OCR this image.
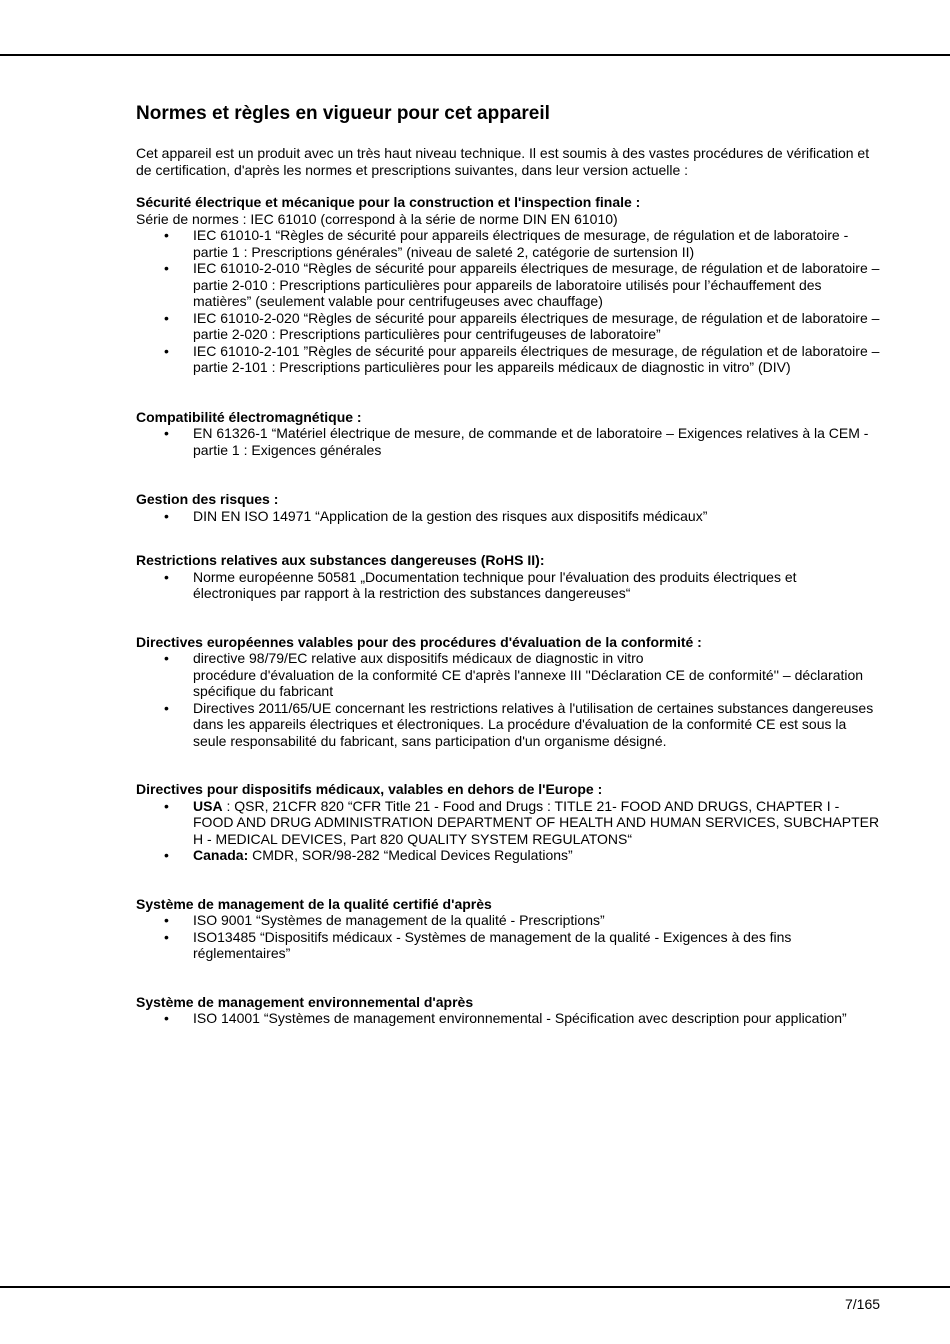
Normes et règles en vigueur pour cet appareil

Cet appareil est un produit avec un très haut niveau technique. Il est soumis à des vastes procédures de vérification et de certification, d'après les normes et prescriptions suivantes, dans leur version actuelle :

Sécurité électrique et mécanique pour la construction et l'inspection finale :
Série de normes : IEC 61010 (correspond à la série de norme DIN EN 61010)
• IEC 61010-1 “Règles de sécurité pour appareils électriques de mesurage, de régulation et de laboratoire - partie 1 : Prescriptions générales” (niveau de saleté 2, catégorie de surtension II)
• IEC 61010-2-010 “Règles de sécurité pour appareils électriques de mesurage, de régulation et de laboratoire – partie 2-010 : Prescriptions particulières pour appareils de laboratoire utilisés pour l’échauffement des matières” (seulement valable pour centrifugeuses avec chauffage)
• IEC 61010-2-020 “Règles de sécurité pour appareils électriques de mesurage, de régulation et de laboratoire – partie 2-020 : Prescriptions particulières pour centrifugeuses de laboratoire”
• IEC 61010-2-101 ”Règles de sécurité pour appareils électriques de mesurage, de régulation et de laboratoire – partie 2-101 : Prescriptions particulières pour les appareils médicaux de diagnostic in vitro” (DIV)
Compatibilité électromagnétique :
• EN 61326-1 “Matériel électrique de mesure, de commande et de laboratoire – Exigences relatives à la CEM - partie 1 : Exigences générales
Gestion des risques :
• DIN EN ISO 14971 “Application de la gestion des risques aux dispositifs médicaux”
Restrictions relatives aux substances dangereuses (RoHS II):
• Norme européenne 50581 „Documentation technique pour l'évaluation des produits électriques et électroniques par rapport à la restriction des substances dangereuses“
Directives européennes valables pour des procédures d'évaluation de la conformité :
• directive 98/79/EC relative aux dispositifs médicaux de diagnostic in vitro
procédure d'évaluation de la conformité CE d'après l'annexe III ''Déclaration CE de conformité'' – déclaration spécifique du fabricant
• Directives 2011/65/UE concernant les restrictions relatives à l'utilisation de certaines substances dangereuses dans les appareils électriques et électroniques. La procédure d'évaluation de la conformité CE est sous la seule responsabilité du fabricant, sans participation d'un organisme désigné.
Directives pour dispositifs médicaux, valables en dehors de l'Europe :
• USA : QSR, 21CFR 820 “CFR Title 21 - Food and Drugs : TITLE 21- FOOD AND DRUGS, CHAPTER I - FOOD AND DRUG ADMINISTRATION DEPARTMENT OF HEALTH AND HUMAN SERVICES, SUBCHAPTER H - MEDICAL DEVICES, Part 820 QUALITY SYSTEM REGULATONS“
• Canada: CMDR, SOR/98-282 “Medical Devices Regulations”
Système de management de la qualité certifié d'après
• ISO 9001 “Systèmes de management de la qualité - Prescriptions”
• ISO13485 “Dispositifs médicaux - Systèmes de management de la qualité - Exigences à des fins réglementaires”
Système de management environnemental d'après
• ISO 14001 “Systèmes de management environnemental - Spécification avec description pour application”
7/165
